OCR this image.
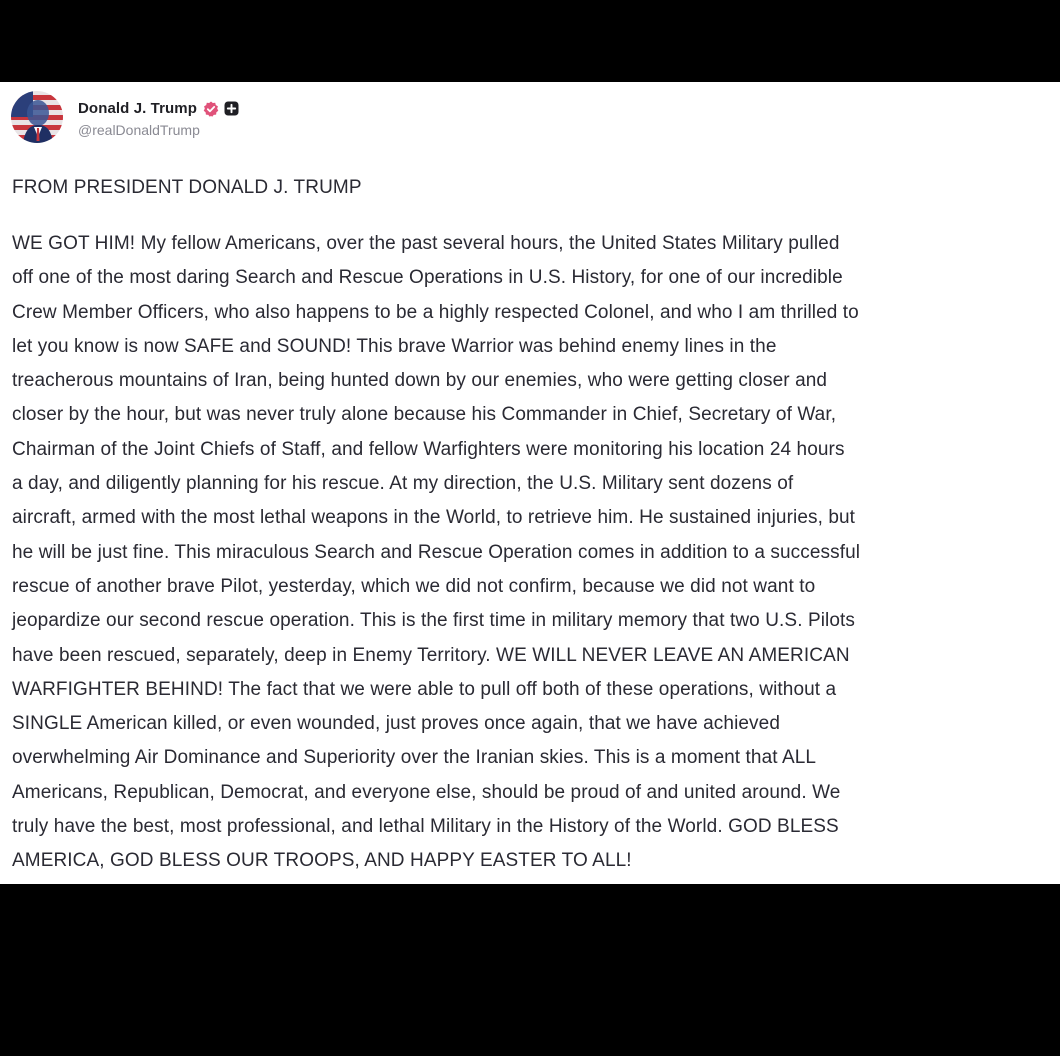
Donald J. Trump
@realDonaldTrump
FROM PRESIDENT DONALD J. TRUMP
WE GOT HIM! My fellow Americans, over the past several hours, the United States Military pulled
off one of the most daring Search and Rescue Operations in U.S. History, for one of our incredible
Crew Member Officers, who also happens to be a highly respected Colonel, and who I am thrilled to
let you know is now SAFE and SOUND! This brave Warrior was behind enemy lines in the
treacherous mountains of Iran, being hunted down by our enemies, who were getting closer and
closer by the hour, but was never truly alone because his Commander in Chief, Secretary of War,
Chairman of the Joint Chiefs of Staff, and fellow Warfighters were monitoring his location 24 hours
a day, and diligently planning for his rescue. At my direction, the U.S. Military sent dozens of
aircraft, armed with the most lethal weapons in the World, to retrieve him. He sustained injuries, but
he will be just fine. This miraculous Search and Rescue Operation comes in addition to a successful
rescue of another brave Pilot, yesterday, which we did not confirm, because we did not want to
jeopardize our second rescue operation. This is the first time in military memory that two U.S. Pilots
have been rescued, separately, deep in Enemy Territory. WE WILL NEVER LEAVE AN AMERICAN
WARFIGHTER BEHIND! The fact that we were able to pull off both of these operations, without a
SINGLE American killed, or even wounded, just proves once again, that we have achieved
overwhelming Air Dominance and Superiority over the Iranian skies. This is a moment that ALL
Americans, Republican, Democrat, and everyone else, should be proud of and united around. We
truly have the best, most professional, and lethal Military in the History of the World. GOD BLESS
AMERICA, GOD BLESS OUR TROOPS, AND HAPPY EASTER TO ALL!
